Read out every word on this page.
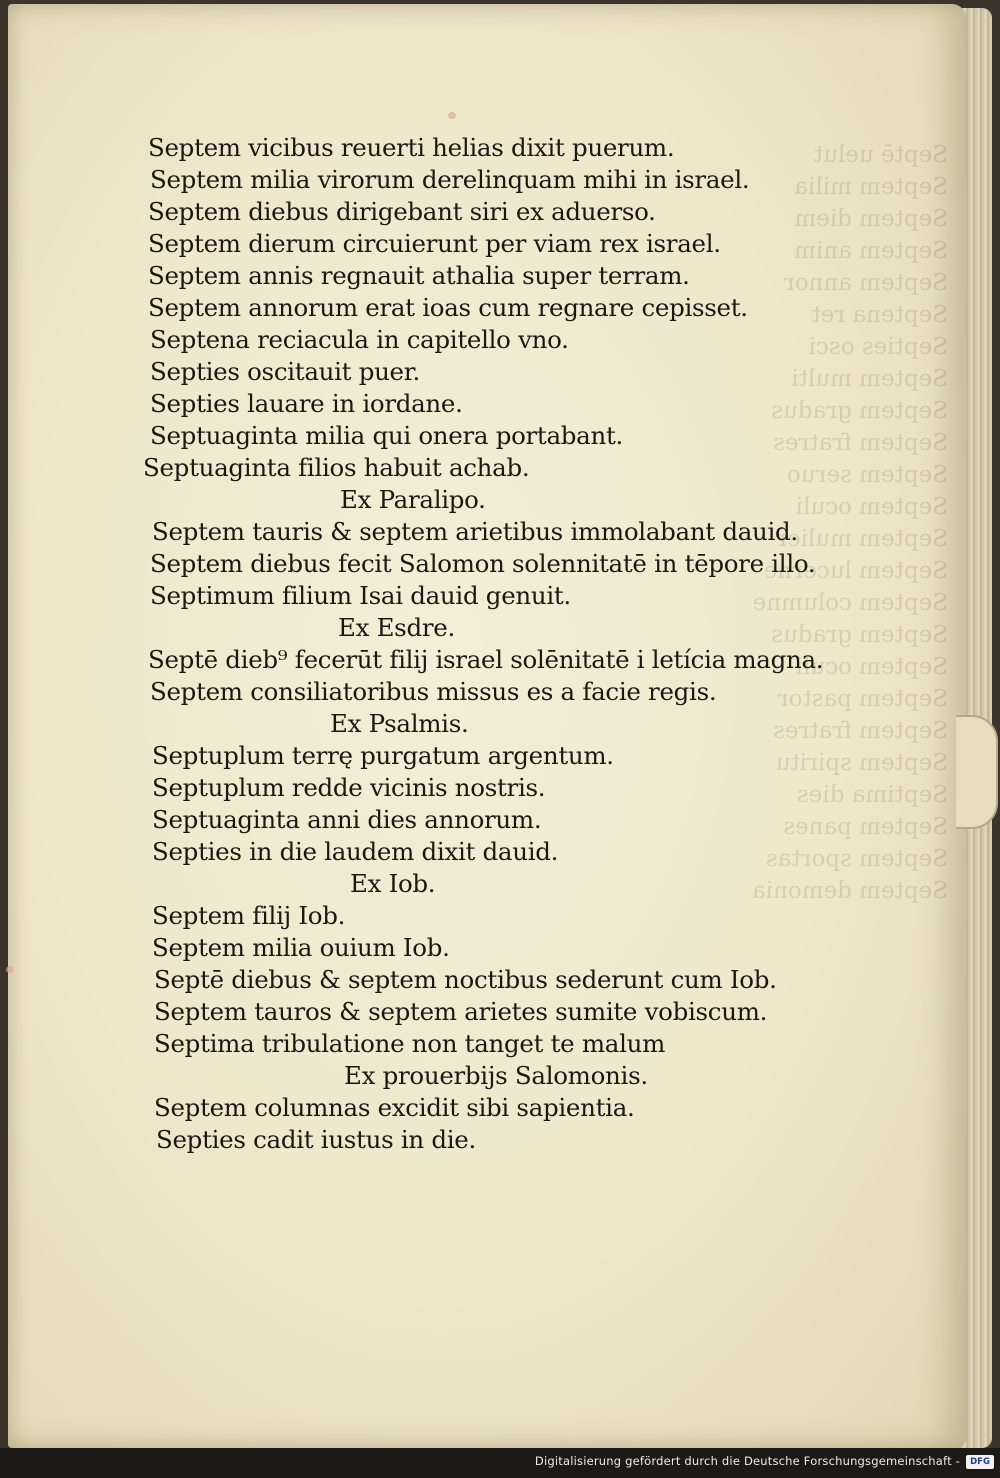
Septē uelut
Septem milia
Septem diem
Septem anim
Septem annor
Septena ret
Septies osci
Septem multi
Septem gradus
Septem fratres
Septem seruo
Septem oculi
Septem mulier
Septem lucerne
Septem columne
Septem gradus
Septem oculi
Septem pastor
Septem fratres
Septem spiritu
Septima dies
Septem panes
Septem sportas
Septem demonia
Septem vicibus reuerti helias dixit puerum.
Septem milia virorum derelinquam mihi in israel.
Septem diebus dirigebant siri ex aduerso.
Septem dierum circuierunt per viam rex israel.
Septem annis regnauit athalia super terram.
Septem annorum erat ioas cum regnare cepisset.
Septena reciacula in capitello vno.
Septies oscitauit puer.
Septies lauare in iordane.
Septuaginta milia qui onera portabant.
Septuaginta filios habuit achab.
Ex Paralipo.
Septem tauris & septem arietibus immolabant dauid.
Septem diebus fecit Salomon solennitatē in tēpore illo.
Septimum filium Isai dauid genuit.
Ex Esdre.
Septē dieb⁹ fecerūt filij israel solēnitatē i letícia magna.
Septem consiliatoribus missus es a facie regis.
Ex Psalmis.
Septuplum terrę purgatum argentum.
Septuplum redde vicinis nostris.
Septuaginta anni dies annorum.
Septies in die laudem dixit dauid.
Ex Iob.
Septem filij Iob.
Septem milia ouium Iob.
Septē diebus & septem noctibus sederunt cum Iob.
Septem tauros & septem arietes sumite vobiscum.
Septima tribulatione non tanget te malum
Ex prouerbijs Salomonis.
Septem columnas excidit sibi sapientia.
Septies cadit iustus in die.
Digitalisierung gefördert durch die Deutsche Forschungsgemeinschaft -	DFG
